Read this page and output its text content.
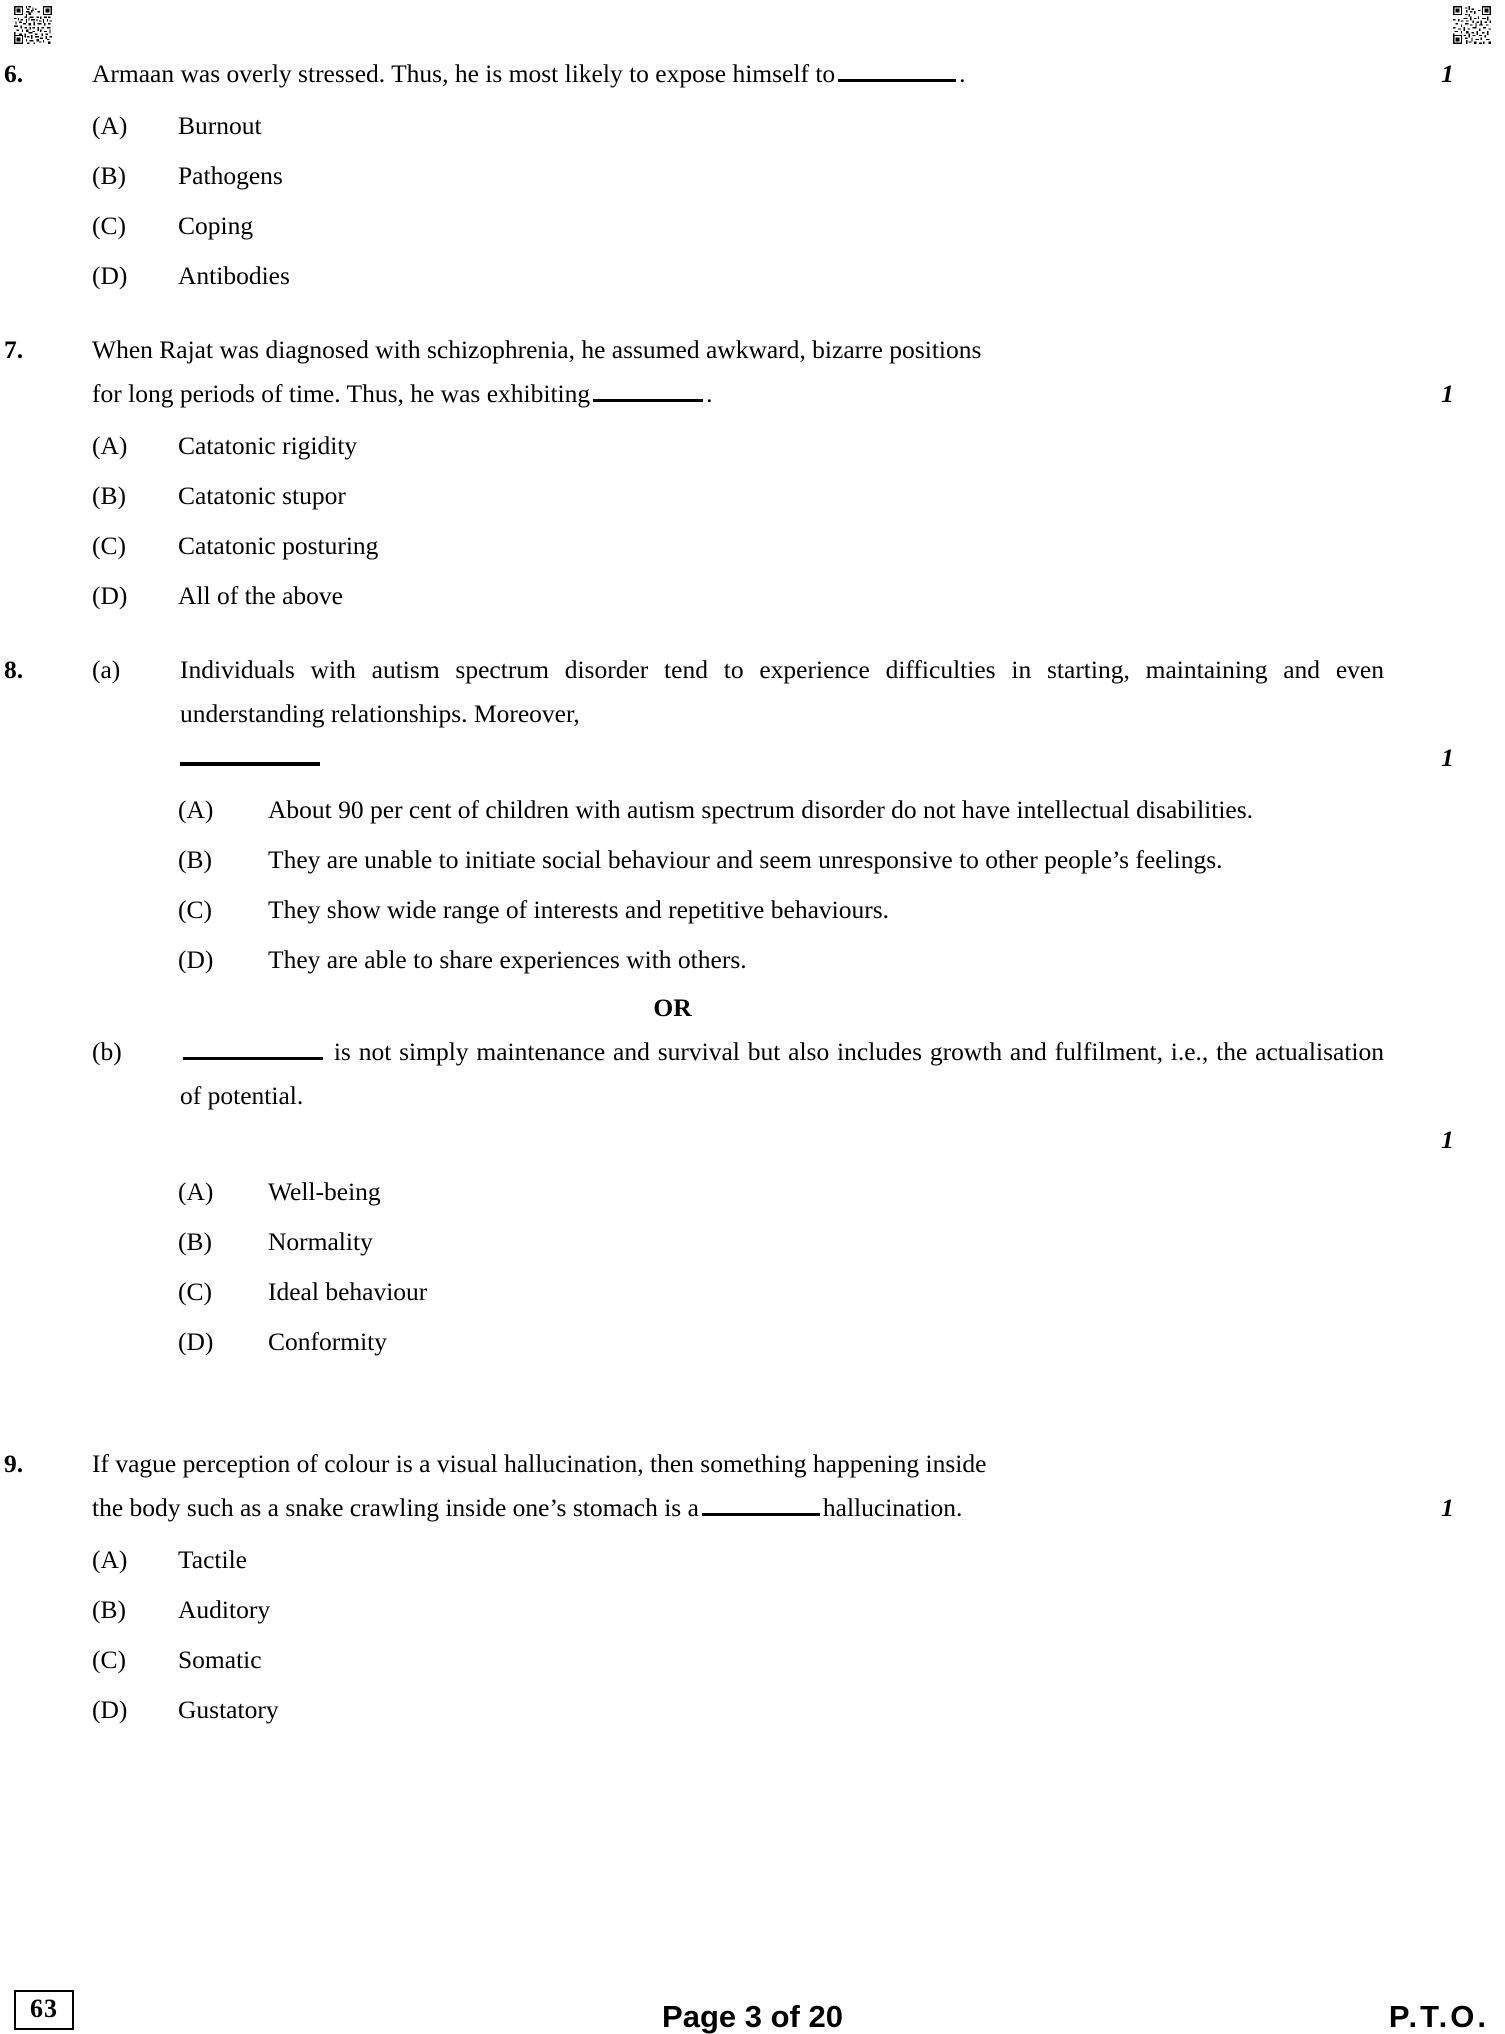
6.	Armaan was overly stressed. Thus, he is most likely to expose himself to	.	1
(A)	Burnout
(B)	Pathogens
(C)	Coping
(D)	Antibodies
7.	When Rajat was diagnosed with schizophrenia, he assumed awkward, bizarre positions

for long periods of time. Thus, he was exhibiting	.	1
(A)	Catatonic rigidity
(B)	Catatonic stupor
(C)	Catatonic posturing
(D)	All of the above
8.	(a)	Individuals with autism spectrum disorder tend to experience difficulties in starting, maintaining and even understanding relationships. Moreover,

1
(A)	About 90 per cent of children with autism spectrum disorder do not have intellectual disabilities.
(B)	They are unable to initiate social behaviour and seem unresponsive to other people’s feelings.
(C)	They show wide range of interests and repetitive behaviours.
(D)	They are able to share experiences with others.
OR

(b)	is not simply maintenance and survival but also includes growth and fulfilment, i.e., the actualisation of potential.

1
(A)	Well-being
(B)	Normality
(C)	Ideal behaviour
(D)	Conformity
9.	If vague perception of colour is a visual hallucination, then something happening inside

the body such as a snake crawling inside one’s stomach is a	hallucination.	1
(A)	Tactile
(B)	Auditory
(C)	Somatic
(D)	Gustatory
63	Page 3 of 20	P.T.O.
